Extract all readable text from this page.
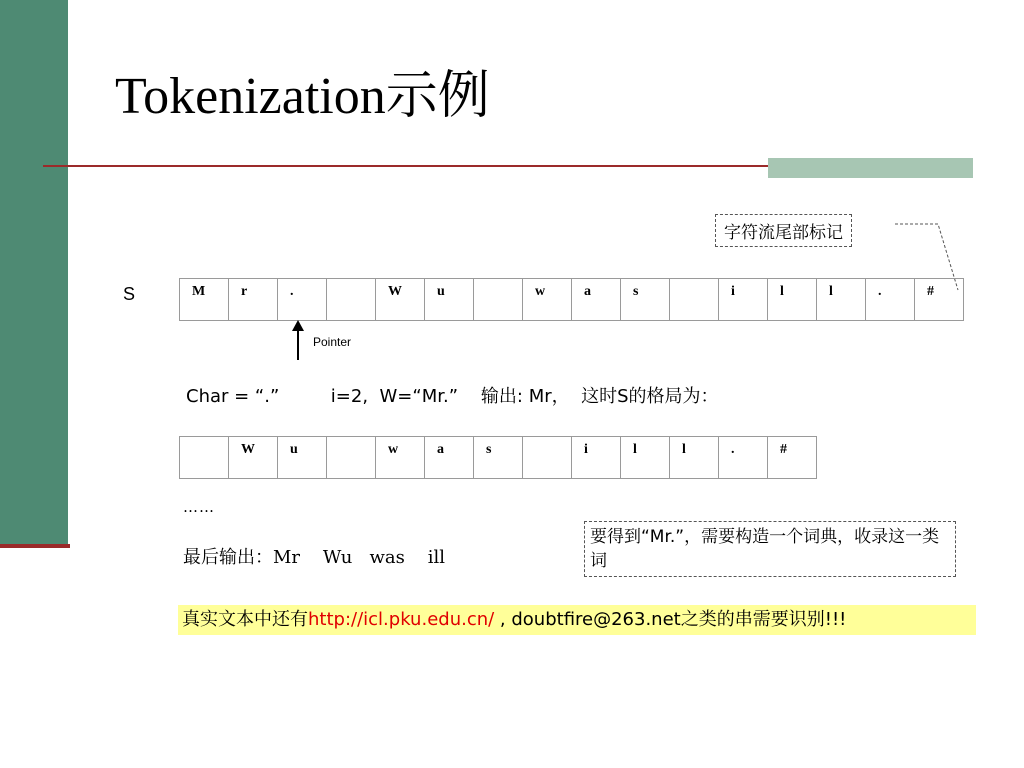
Tokenization示例
字符流尾部标记
S	M	r	.		W	u		w	a	s		i	l	l	.	#
Pointer
Char = “.”         i=2,  W=“Mr.”    输出: Mr，  这时S的格局为：
	W	u		w	a	s		i	l	l	.	#
……
最后输出：Mr    Wu   was    ill
要得到“Mr.”，需要构造一个词典，收录这一类词
真实文本中还有http://icl.pku.edu.cn/ , doubtfire@263.net之类的串需要识别!!!
